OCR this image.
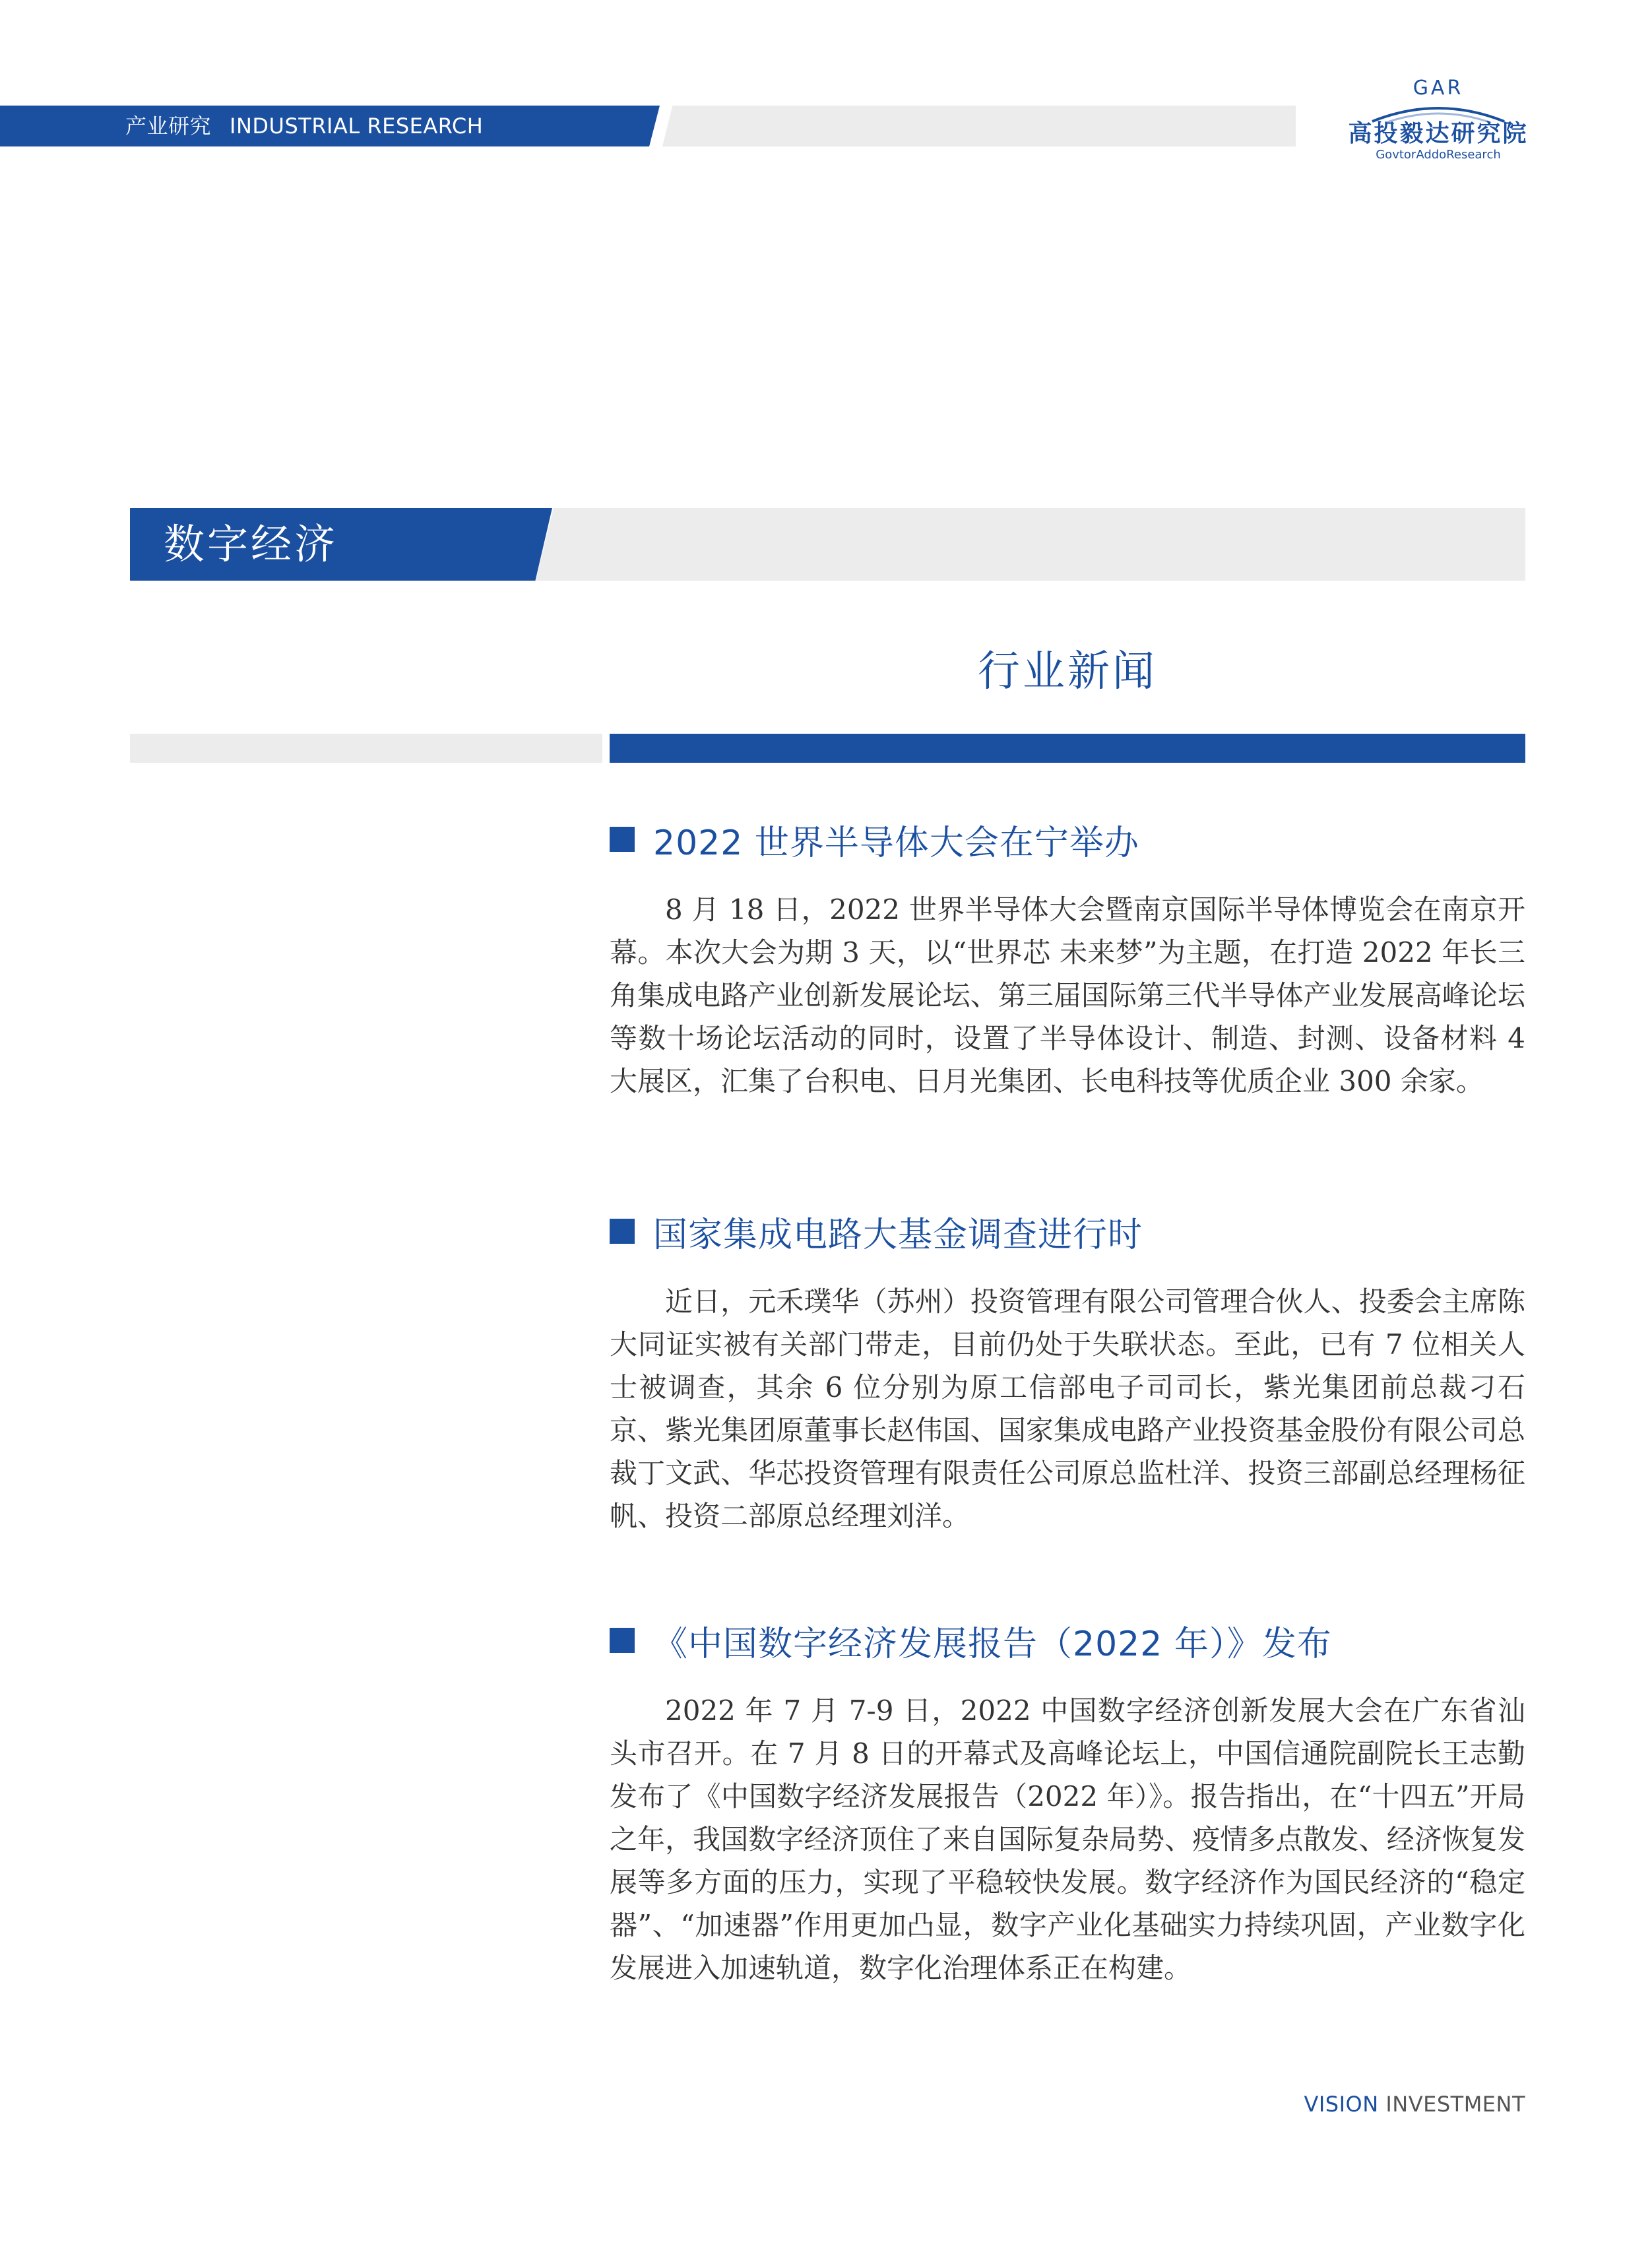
产业研究 INDUSTRIAL RESEARCH
GAR
高投毅达研究院
GovtorAddoResearch
数字经济
行业新闻
2022 世界半导体大会在宁举办

8 月 18 日，2022 世界半导体大会暨南京国际半导体博览会在南京开幕。本次大会为期 3 天，以“世界芯 未来梦”为主题，在打造 2022 年长三角集成电路产业创新发展论坛、第三届国际第三代半导体产业发展高峰论坛等数十场论坛活动的同时，设置了半导体设计、制造、封测、设备材料 4 大展区，汇集了台积电、日月光集团、长电科技等优质企业 300 余家。

国家集成电路大基金调查进行时

近日，元禾璞华（苏州）投资管理有限公司管理合伙人、投委会主席陈大同证实被有关部门带走，目前仍处于失联状态。至此，已有 7 位相关人士被调查，其余 6 位分别为原工信部电子司司长，紫光集团前总裁刁石京、紫光集团原董事长赵伟国、国家集成电路产业投资基金股份有限公司总裁丁文武、华芯投资管理有限责任公司原总监杜洋、投资三部副总经理杨征帆、投资二部原总经理刘洋。

《中国数字经济发展报告（2022 年）》发布

2022 年 7 月 7-9 日，2022 中国数字经济创新发展大会在广东省汕头市召开。在 7 月 8 日的开幕式及高峰论坛上，中国信通院副院长王志勤发布了《中国数字经济发展报告（2022 年）》。报告指出，在“十四五”开局之年，我国数字经济顶住了来自国际复杂局势、疫情多点散发、经济恢复发展等多方面的压力，实现了平稳较快发展。数字经济作为国民经济的“稳定器”、“加速器”作用更加凸显，数字产业化基础实力持续巩固，产业数字化发展进入加速轨道，数字化治理体系正在构建。

VISION INVESTMENT
